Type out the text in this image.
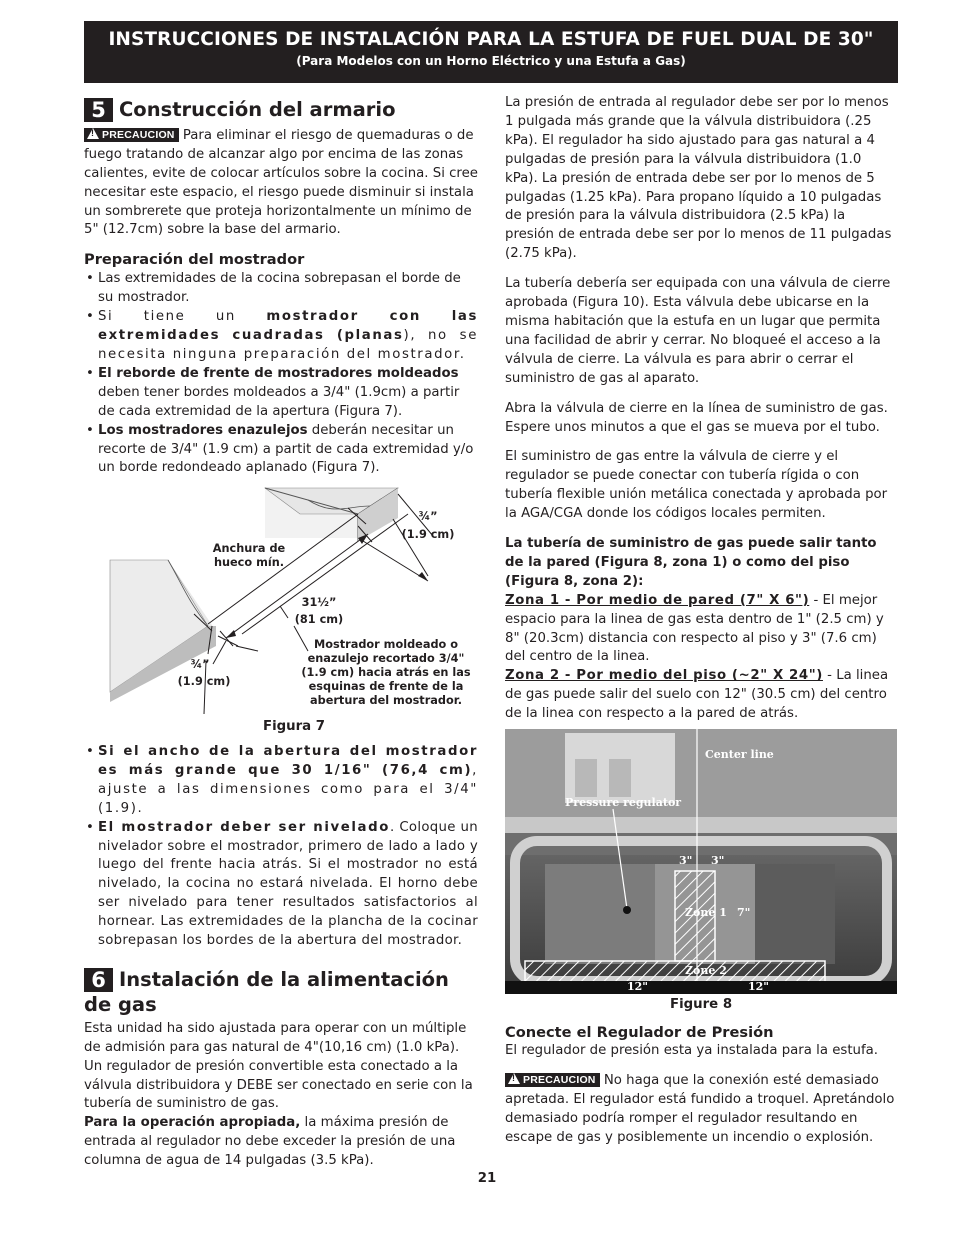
INSTRUCCIONES DE INSTALACIÓN PARA LA ESTUFA DE FUEL DUAL DE 30"
(Para Modelos con un Horno Eléctrico y una Estufa a Gas)
5 Construcción del armario

!PRECAUCION Para eliminar el riesgo de quemaduras o de fuego tratando de alcanzar algo por encima de las zonas calientes, evite de colocar artículos sobre la cocina. Si cree necesitar este espacio, el riesgo puede disminuir si instala un sombrerete que proteja horizontalmente un mínimo de 5" (12.7cm) sobre la base del armario.

Preparación del mostrador

• Las extremidades de la cocina sobrepasan el borde de su mostrador.
• Si tiene un mostrador con las extremidades cuadradas (planas), no se necesita ninguna preparación del mostrador.
• El reborde de frente de mostradores moldeados deben tener bordes moldeados a 3/4" (1.9cm) a partir de cada extremidad de la apertura (Figura 7).
• Los mostradores enazulejos deberán necesitar un recorte de 3/4" (1.9 cm) a partit de cada extremidad y/o un borde redondeado aplanado (Figura 7).
Anchura de hueco mín.
¾”
(1.9 cm)
31½”
(81 cm)
Mostrador moldeado o enazulejo recortado 3/4" (1.9 cm) hacia atrás en las esquinas de frente de la abertura del mostrador.
¾”
(1.9 cm)
Figura 7
• Si el ancho de la abertura del mostrador es más grande que 30 1/16" (76,4 cm), ajuste a las dimensiones como para el 3/4" (1.9).
• El mostrador deber ser nivelado. Coloque un nivelador sobre el mostrador, primero de lado a lado y luego del frente hacia atrás. Si el mostrador no está nivelado, la cocina no estará nivelada. El horno debe ser nivelado para tener resultados satisfactorios al hornear. Las extremidades de la plancha de la cocinar sobrepasan los bordes de la abertura del mostrador.
6 Instalación de la alimentación de gas

Esta unidad ha sido ajustada para operar con un múltiple de admisión para gas natural de 4"(10,16 cm) (1.0 kPa). Un regulador de presión convertible esta conectado a la válvula distribuidora y DEBE ser conectado en serie con la tubería de suministro de gas.

Para la operación apropiada, la máxima presión de entrada al regulador no debe exceder la presión de una columna de agua de 14 pulgadas (3.5 kPa).

La presión de entrada al regulador debe ser por lo menos 1 pulgada más grande que la válvula distribuidora (.25 kPa). El regulador ha sido ajustado para gas natural a 4 pulgadas de presión para la válvula distribuidora (1.0 kPa). La presión de entrada debe ser por lo menos de 5 pulgadas (1.25 kPa). Para propano líquido a 10 pulgadas de presión para la válvula distribuidora (2.5 kPa) la presión de entrada debe ser por lo menos de 11 pulgadas (2.75 kPa).

La tubería debería ser equipada con una válvula de cierre aprobada (Figura 10). Esta válvula debe ubicarse en la misma habitación que la estufa en un lugar que permita una facilidad de abrir y cerrar. No bloqueé el acceso a la válvula de cierre. La válvula es para abrir o cerrar el suministro de gas al aparato.

Abra la válvula de cierre en la línea de suministro de gas. Espere unos minutos a que el gas se mueva por el tubo.

El suministro de gas entre la válvula de cierre y el regulador se puede conectar con tubería rígida o con tubería flexible unión metálica conectada y aprobada por la AGA/CGA donde los códigos locales permiten.

La tubería de suministro de gas puede salir tanto de la pared (Figura 8, zona 1) o como del piso (Figura 8, zona 2):

Zona 1 - Por medio de pared (7" X 6") - El mejor espacio para la linea de gas esta dentro de 1" (2.5 cm) y 8" (20.3cm) distancia con respecto al piso y 3" (7.6 cm) del centro de la linea.

Zona 2 - Por medio del piso (~2" X 24") - La linea de gas puede salir del suelo con 12" (30.5 cm) del centro de la linea con respecto a la pared de atrás.

Center line
Pressure regulator
3" 3"
Zone 1 7"
Zone 2
12"	12"
Figure 8

Conecte el Regulador de Presión

El regulador de presión esta ya instalada para la estufa.

!PRECAUCION No haga que la conexión esté demasiado apretada. El regulador está fundido a troquel. Apretándolo demasiado podría romper el regulador resultando en escape de gas y posiblemente un incendio o explosión.

21
